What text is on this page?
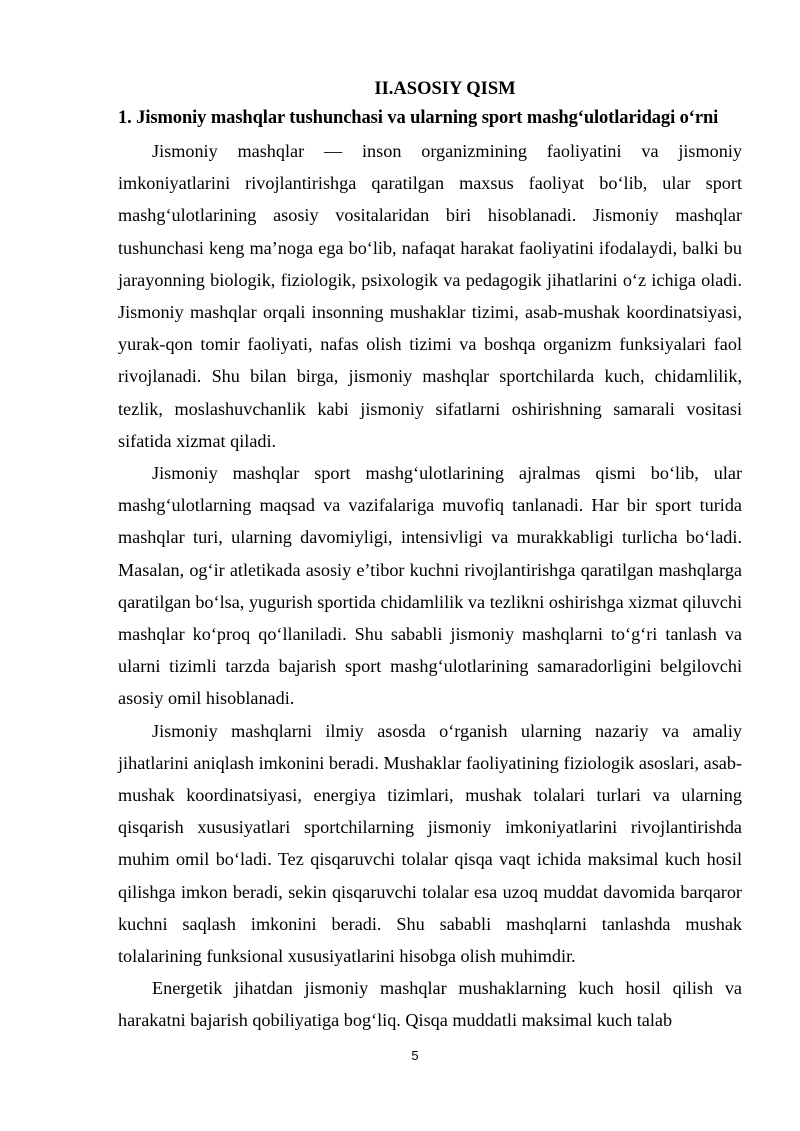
II.ASOSIY QISM
1. Jismoniy mashqlar tushunchasi va ularning sport mashg‘ulotlaridagi o‘rni

Jismoniy mashqlar — inson organizmining faoliyatini va jismoniy imkoniyatlarini rivojlantirishga qaratilgan maxsus faoliyat bo‘lib, ular sport mashg‘ulotlarining asosiy vositalaridan biri hisoblanadi. Jismoniy mashqlar tushunchasi keng ma’noga ega bo‘lib, nafaqat harakat faoliyatini ifodalaydi, balki bu jarayonning biologik, fiziologik, psixologik va pedagogik jihatlarini o‘z ichiga oladi. Jismoniy mashqlar orqali insonning mushaklar tizimi, asab-mushak koordinatsiyasi, yurak-qon tomir faoliyati, nafas olish tizimi va boshqa organizm funksiyalari faol rivojlanadi. Shu bilan birga, jismoniy mashqlar sportchilarda kuch, chidamlilik, tezlik, moslashuvchanlik kabi jismoniy sifatlarni oshirishning samarali vositasi sifatida xizmat qiladi.

Jismoniy mashqlar sport mashg‘ulotlarining ajralmas qismi bo‘lib, ular mashg‘ulotlarning maqsad va vazifalariga muvofiq tanlanadi. Har bir sport turida mashqlar turi, ularning davomiyligi, intensivligi va murakkabligi turlicha bo‘ladi. Masalan, og‘ir atletikada asosiy e’tibor kuchni rivojlantirishga qaratilgan mashqlarga qaratilgan bo‘lsa, yugurish sportida chidamlilik va tezlikni oshirishga xizmat qiluvchi mashqlar ko‘proq qo‘llaniladi. Shu sababli jismoniy mashqlarni to‘g‘ri tanlash va ularni tizimli tarzda bajarish sport mashg‘ulotlarining samaradorligini belgilovchi asosiy omil hisoblanadi.

Jismoniy mashqlarni ilmiy asosda o‘rganish ularning nazariy va amaliy jihatlarini aniqlash imkonini beradi. Mushaklar faoliyatining fiziologik asoslari, asab-mushak koordinatsiyasi, energiya tizimlari, mushak tolalari turlari va ularning qisqarish xususiyatlari sportchilarning jismoniy imkoniyatlarini rivojlantirishda muhim omil bo‘ladi. Tez qisqaruvchi tolalar qisqa vaqt ichida maksimal kuch hosil qilishga imkon beradi, sekin qisqaruvchi tolalar esa uzoq muddat davomida barqaror kuchni saqlash imkonini beradi. Shu sababli mashqlarni tanlashda mushak tolalarining funksional xususiyatlarini hisobga olish muhimdir.

Energetik jihatdan jismoniy mashqlar mushaklarning kuch hosil qilish va harakatni bajarish qobiliyatiga bog‘liq. Qisqa muddatli maksimal kuch talab

5
